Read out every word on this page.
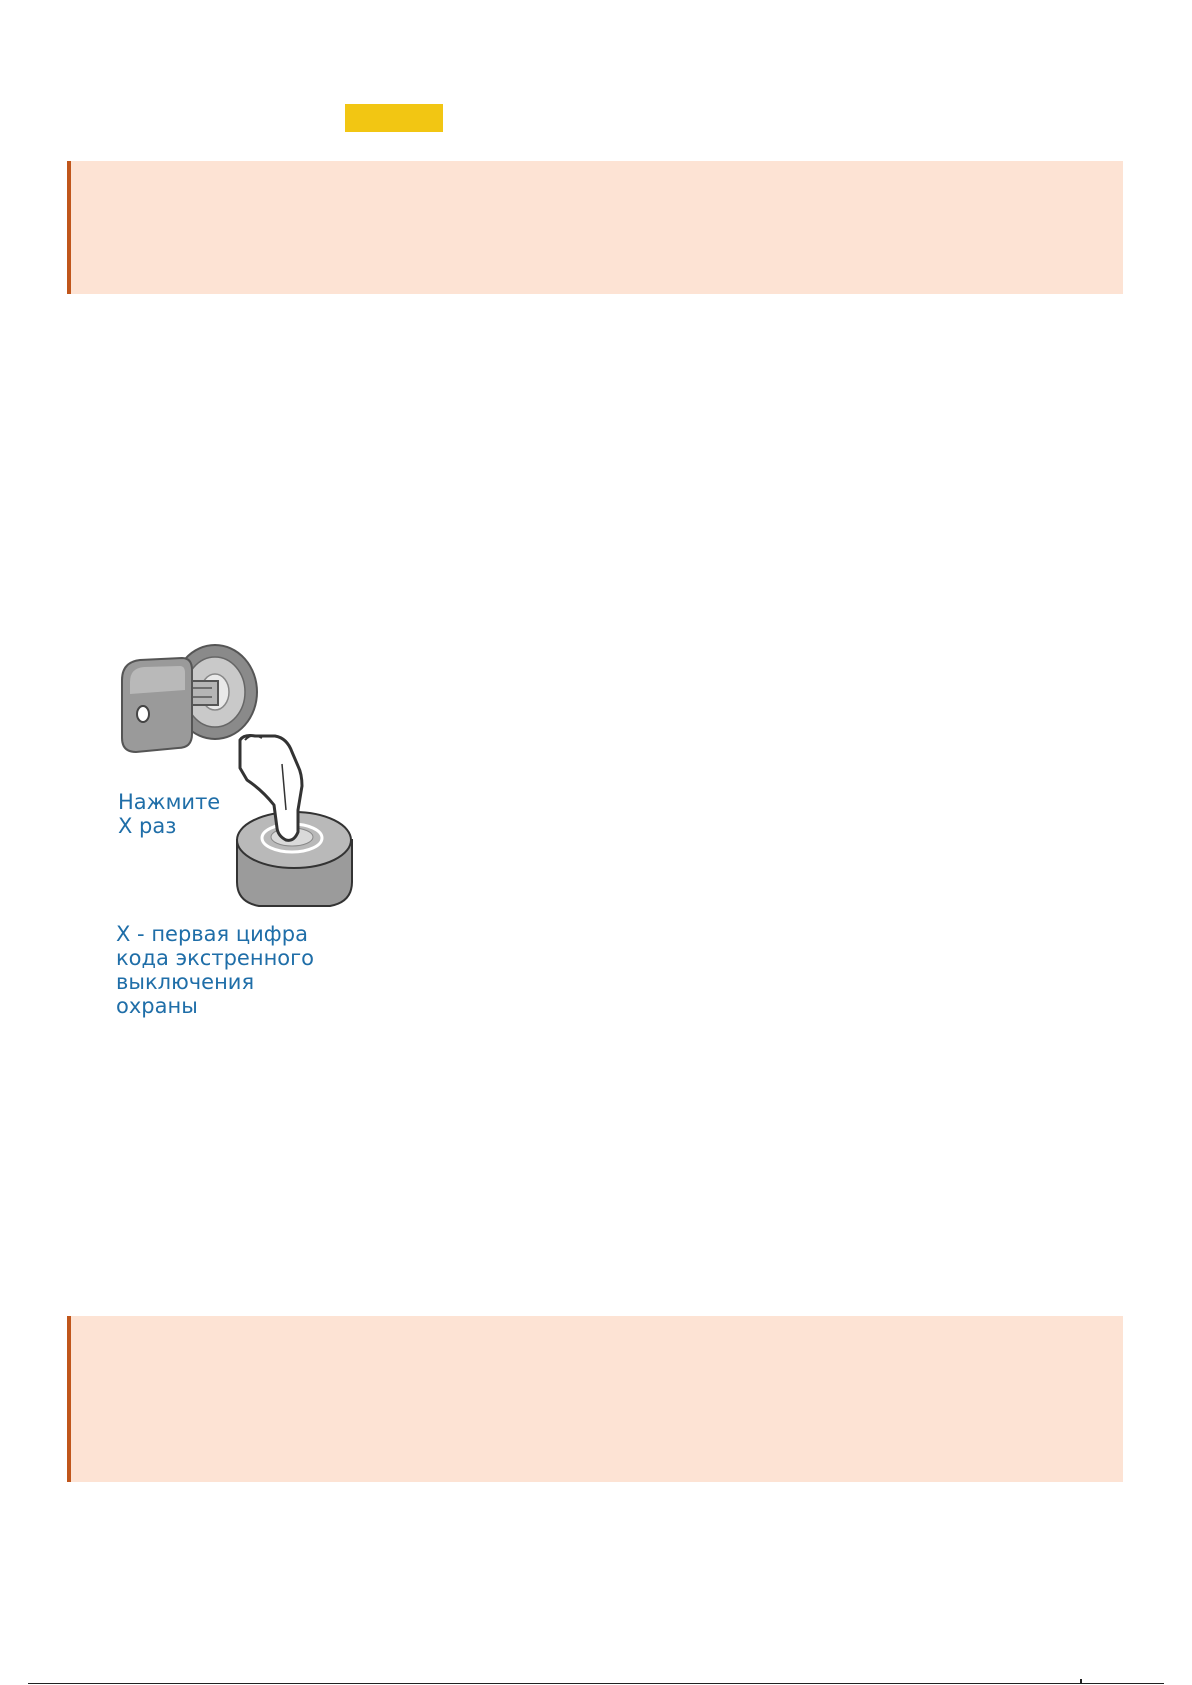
Нажмите
X раз
X - первая цифра
кода экстренного
выключения
охраны
